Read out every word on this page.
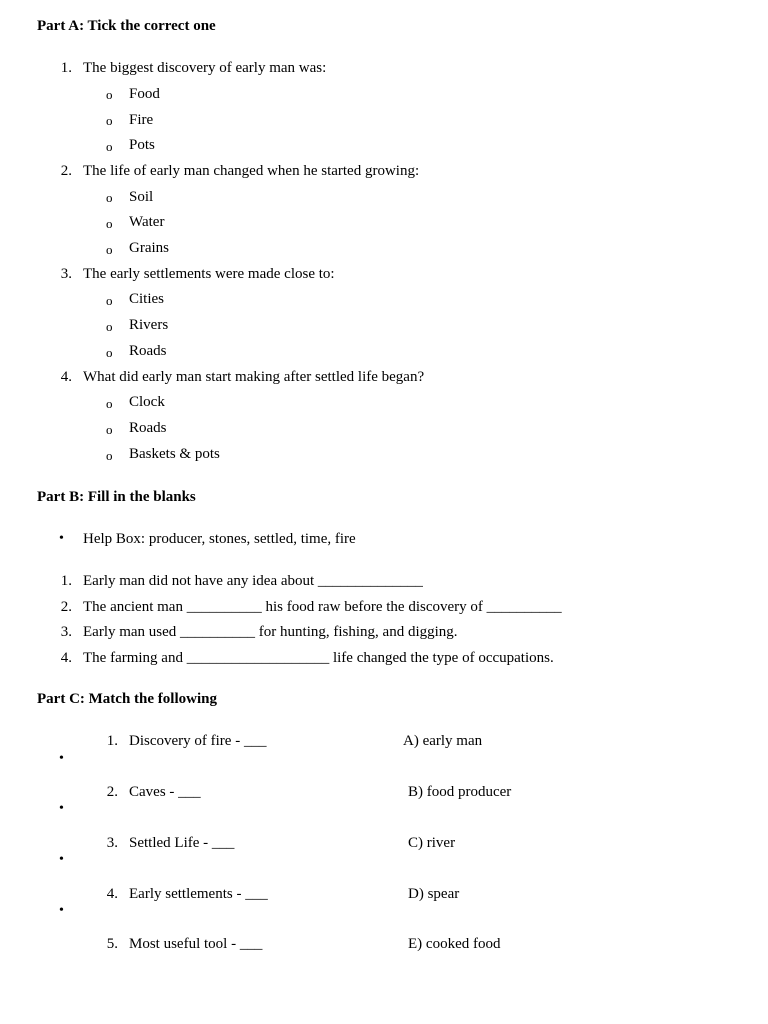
Part A: Tick the correct one
1. The biggest discovery of early man was:
o Food
o Fire
o Pots
2. The life of early man changed when he started growing:
o Soil
o Water
o Grains
3. The early settlements were made close to:
o Cities
o Rivers
o Roads
4. What did early man start making after settled life began?
o Clock
o Roads
o Baskets & pots
Part B: Fill in the blanks
• Help Box: producer, stones, settled, time, fire
1. Early man did not have any idea about ______________
2. The ancient man __________ his food raw before the discovery of __________
3. Early man used __________ for hunting, fishing, and digging.
4. The farming and ___________________ life changed the type of occupations.
Part C: Match the following
1. Discovery of fire - ___	A) early man
•
2. Caves - ___	B) food producer
•
3. Settled Life - ___	C) river
•
4. Early settlements - ___	D) spear
•
5. Most useful tool - ___	E) cooked food
